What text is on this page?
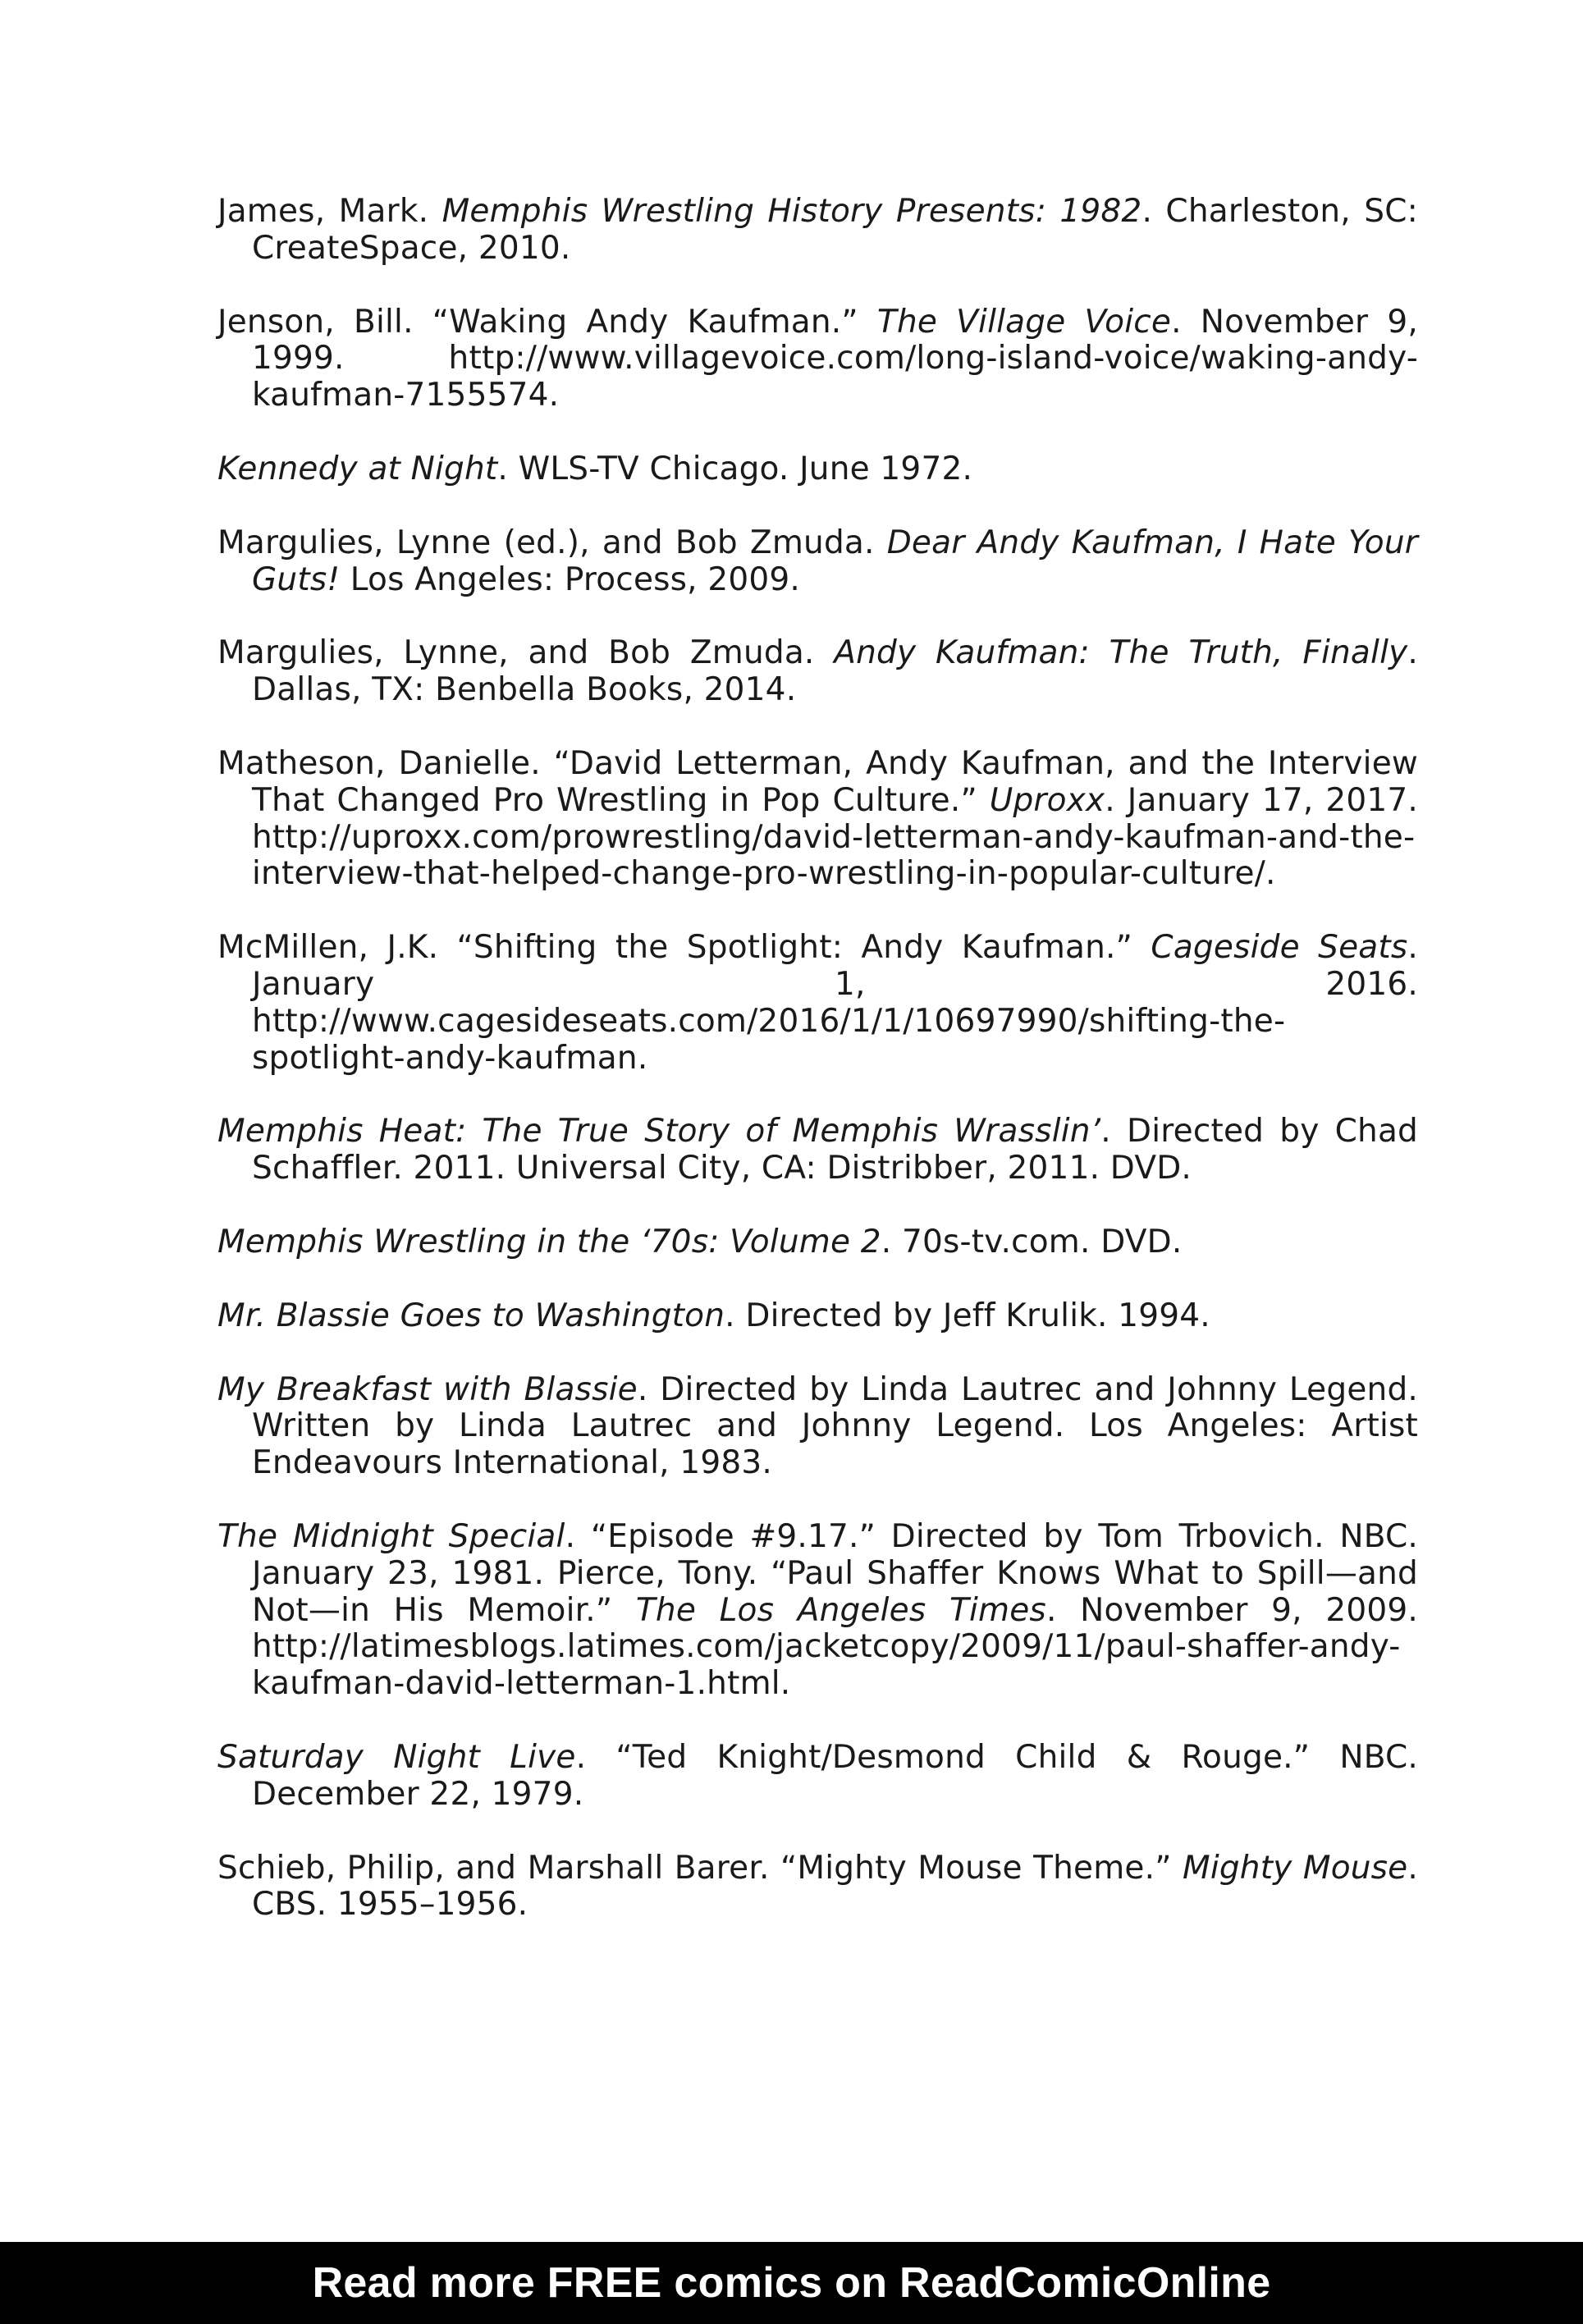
James, Mark. Memphis Wrestling History Presents: 1982. Charleston, SC: CreateSpace, 2010.

Jenson, Bill. “Waking Andy Kaufman.” The Village Voice. November 9, 1999. http://www.villagevoice.com/long-island-voice/waking-andy-kaufman-7155574.

Kennedy at Night. WLS-TV Chicago. June 1972.

Margulies, Lynne (ed.), and Bob Zmuda. Dear Andy Kaufman, I Hate Your Guts! Los Angeles: Process, 2009.

Margulies, Lynne, and Bob Zmuda. Andy Kaufman: The Truth, Finally. Dallas, TX: Benbella Books, 2014.

Matheson, Danielle. “David Letterman, Andy Kaufman, and the Interview That Changed Pro Wrestling in Pop Culture.” Uproxx. January 17, 2017. http://uproxx.com/prowrestling/david-letterman-andy-kaufman-and-the-interview-that-helped-change-pro-wrestling-in-popular-culture/.

McMillen, J.K. “Shifting the Spotlight: Andy Kaufman.” Cageside Seats. January 1, 2016. http://www.cagesideseats.com/2016/1/1/10697990/shifting-the-spotlight-andy-kaufman.

Memphis Heat: The True Story of Memphis Wrasslin’. Directed by Chad Schaffler. 2011. Universal City, CA: Distribber, 2011. DVD.

Memphis Wrestling in the ‘70s: Volume 2. 70s-tv.com. DVD.

Mr. Blassie Goes to Washington. Directed by Jeff Krulik. 1994.

My Breakfast with Blassie. Directed by Linda Lautrec and Johnny Legend. Written by Linda Lautrec and Johnny Legend. Los Angeles: Artist Endeavours International, 1983.

The Midnight Special. “Episode #9.17.” Directed by Tom Trbovich. NBC. January 23, 1981. Pierce, Tony. “Paul Shaffer Knows What to Spill—and Not—in His Memoir.” The Los Angeles Times. November 9, 2009. http://latimesblogs.latimes.com/jacketcopy/2009/11/paul-shaffer-andy-kaufman-david-letterman-1.html.

Saturday Night Live. “Ted Knight/Desmond Child & Rouge.” NBC. December 22, 1979.

Schieb, Philip, and Marshall Barer. “Mighty Mouse Theme.” Mighty Mouse. CBS. 1955–1956.

Read more FREE comics on ReadComicOnline
